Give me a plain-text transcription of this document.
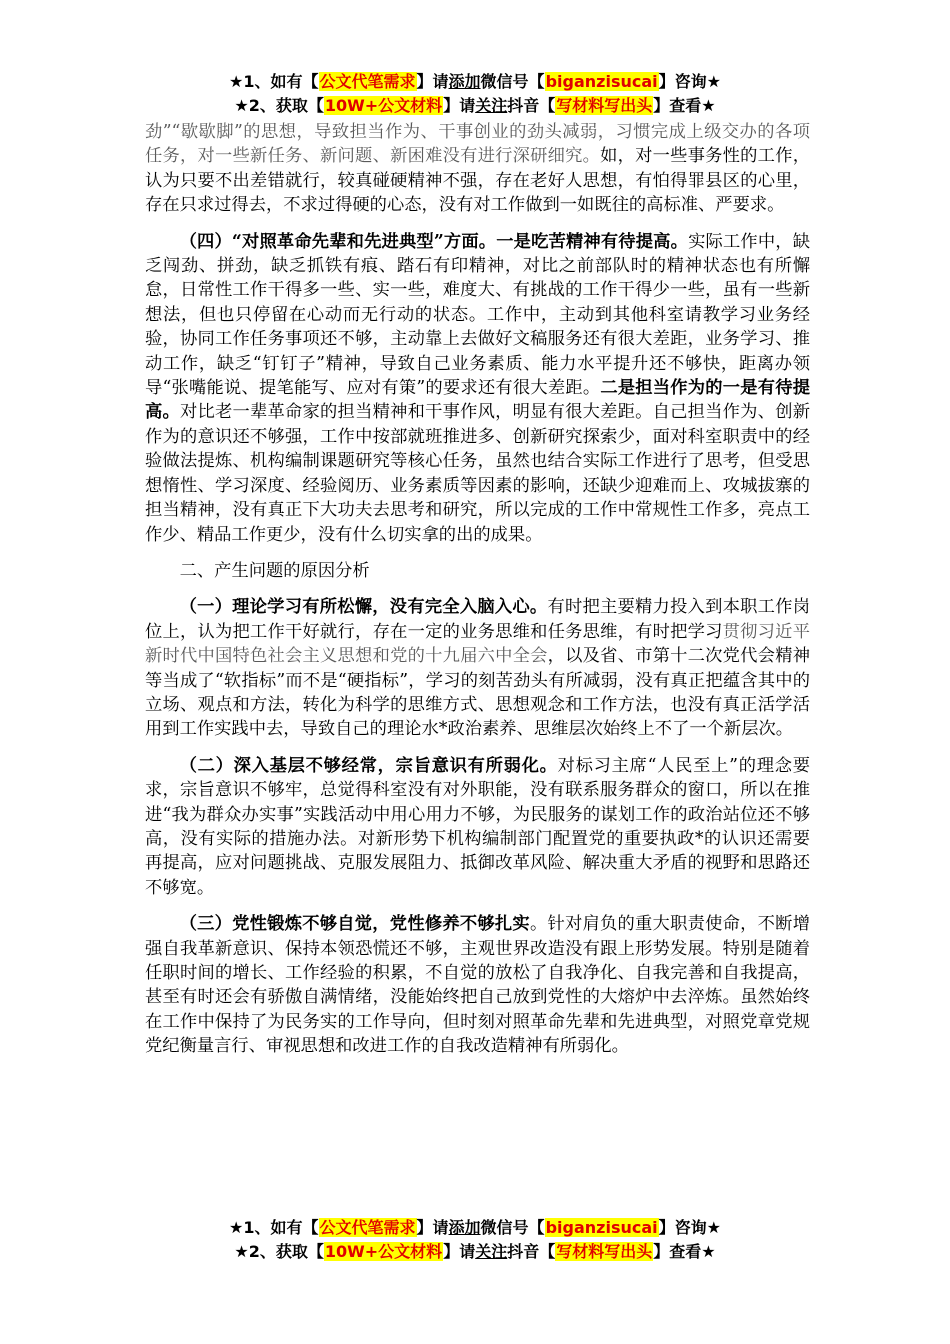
★1、如有【公文代笔需求】请添加微信号【biganzisucai】咨询★
★2、获取【10W+公文材料】请关注抖音【写材料写出头】查看★

劲”“歇歇脚”的思想，导致担当作为、干事创业的劲头减弱，习惯完成上级交办的各项任务，对一些新任务、新问题、新困难没有进行深研细究。如，对一些事务性的工作，认为只要不出差错就行，较真碰硬精神不强，存在老好人思想，有怕得罪县区的心里，存在只求过得去，不求过得硬的心态，没有对工作做到一如既往的高标准、严要求。

（四）“对照革命先辈和先进典型”方面。一是吃苦精神有待提高。实际工作中，缺乏闯劲、拼劲，缺乏抓铁有痕、踏石有印精神，对比之前部队时的精神状态也有所懈怠，日常性工作干得多一些、实一些，难度大、有挑战的工作干得少一些，虽有一些新想法，但也只停留在心动而无行动的状态。工作中，主动到其他科室请教学习业务经验，协同工作任务事项还不够，主动靠上去做好文稿服务还有很大差距，业务学习、推动工作，缺乏“钉钉子”精神，导致自己业务素质、能力水平提升还不够快，距离办领导“张嘴能说、提笔能写、应对有策”的要求还有很大差距。二是担当作为的一是有待提高。对比老一辈革命家的担当精神和干事作风，明显有很大差距。自己担当作为、创新作为的意识还不够强，工作中按部就班推进多、创新研究探索少，面对科室职责中的经验做法提炼、机构编制课题研究等核心任务，虽然也结合实际工作进行了思考，但受思想惰性、学习深度、经验阅历、业务素质等因素的影响，还缺少迎难而上、攻城拔寨的担当精神，没有真正下大功夫去思考和研究，所以完成的工作中常规性工作多，亮点工作少、精品工作更少，没有什么切实拿的出的成果。

二、产生问题的原因分析

（一）理论学习有所松懈，没有完全入脑入心。有时把主要精力投入到本职工作岗位上，认为把工作干好就行，存在一定的业务思维和任务思维，有时把学习贯彻习近平新时代中国特色社会主义思想和党的十九届六中全会，以及省、市第十二次党代会精神等当成了“软指标”而不是“硬指标”，学习的刻苦劲头有所减弱，没有真正把蕴含其中的立场、观点和方法，转化为科学的思维方式、思想观念和工作方法，也没有真正活学活用到工作实践中去，导致自己的理论水*政治素养、思维层次始终上不了一个新层次。

（二）深入基层不够经常，宗旨意识有所弱化。对标习主席“人民至上”的理念要求，宗旨意识不够牢，总觉得科室没有对外职能，没有联系服务群众的窗口，所以在推进“我为群众办实事”实践活动中用心用力不够，为民服务的谋划工作的政治站位还不够高，没有实际的措施办法。对新形势下机构编制部门配置党的重要执政*的认识还需要再提高，应对问题挑战、克服发展阻力、抵御改革风险、解决重大矛盾的视野和思路还不够宽。

（三）党性锻炼不够自觉，党性修养不够扎实。针对肩负的重大职责使命，不断增强自我革新意识、保持本领恐慌还不够，主观世界改造没有跟上形势发展。特别是随着任职时间的增长、工作经验的积累，不自觉的放松了自我净化、自我完善和自我提高，甚至有时还会有骄傲自满情绪，没能始终把自己放到党性的大熔炉中去淬炼。虽然始终在工作中保持了为民务实的工作导向，但时刻对照革命先辈和先进典型，对照党章党规党纪衡量言行、审视思想和改进工作的自我改造精神有所弱化。

★1、如有【公文代笔需求】请添加微信号【biganzisucai】咨询★
★2、获取【10W+公文材料】请关注抖音【写材料写出头】查看★
